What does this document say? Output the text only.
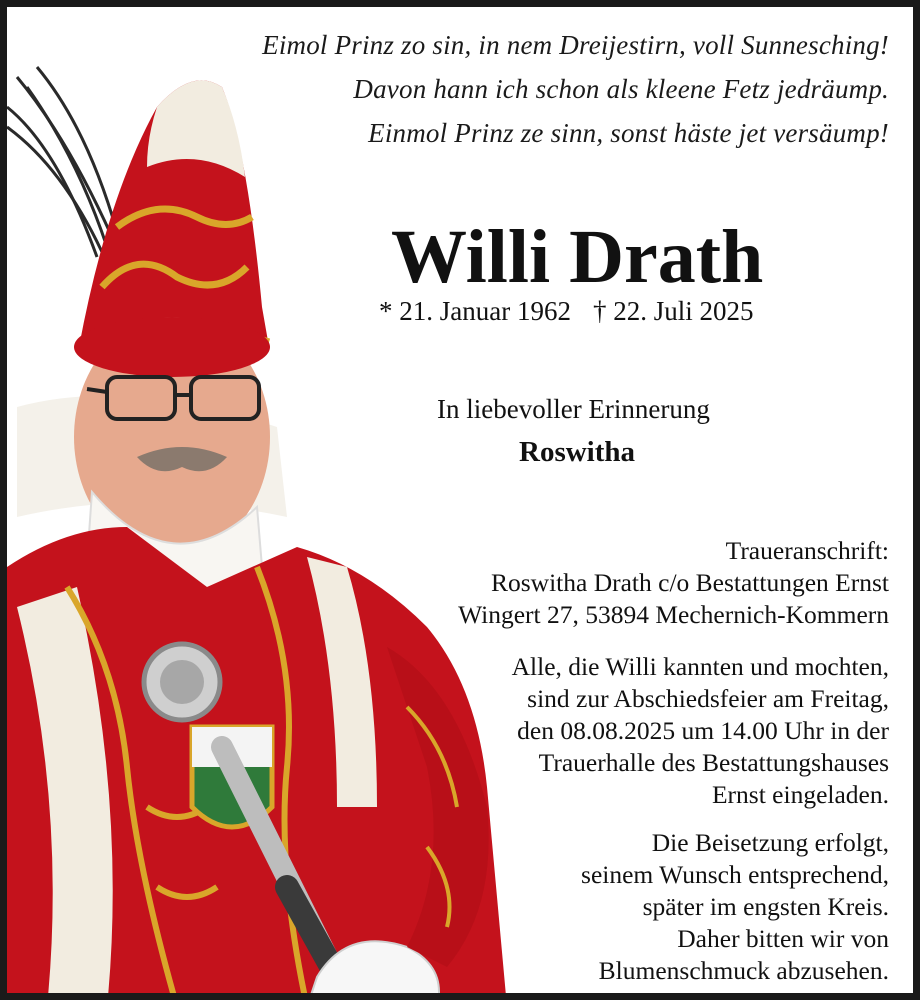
Eimol Prinz zo sin, in nem Dreijestirn, voll Sunnesching!
Davon hann ich schon als kleene Fetz jedräump.
Einmol Prinz ze sinn, sonst häste jet versäump!
Willi Drath
* 21. Januar 1962 † 22. Juli 2025
In liebevoller Erinnerung
Roswitha
Traueranschrift:
Roswitha Drath c/o Bestattungen Ernst
Wingert 27, 53894 Mechernich-Kommern
Alle, die Willi kannten und mochten,
sind zur Abschiedsfeier am Freitag,
den 08.08.2025 um 14.00 Uhr in der
Trauerhalle des Bestattungshauses
Ernst eingeladen.
Die Beisetzung erfolgt,
seinem Wunsch entsprechend,
später im engsten Kreis.
Daher bitten wir von
Blumenschmuck abzusehen.
